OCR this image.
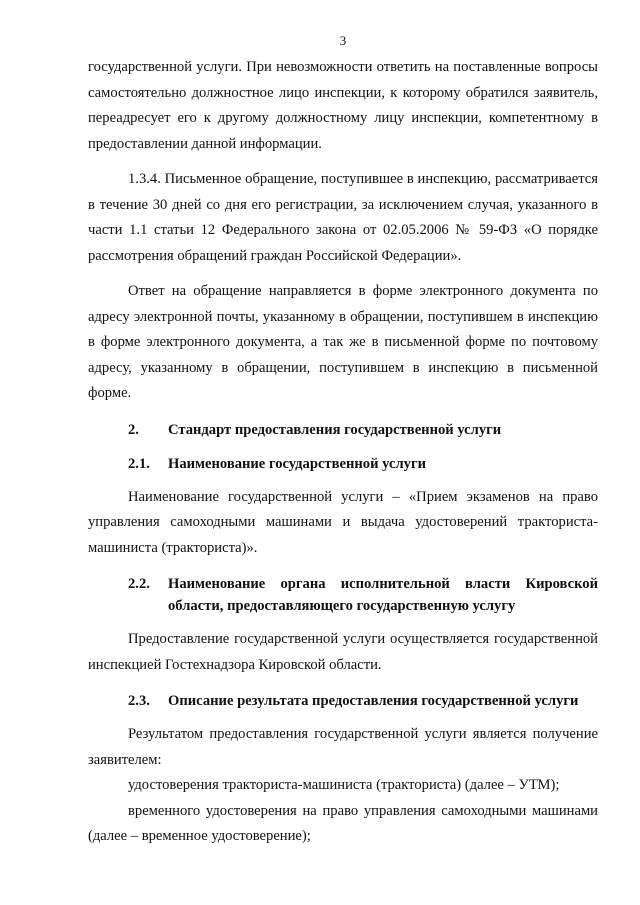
3

государственной услуги. При невозможности ответить на поставленные вопросы самостоятельно должностное лицо инспекции, к которому обратился заявитель, переадресует его к другому должностному лицу инспекции, компетентному в предоставлении данной информации.

1.3.4. Письменное обращение, поступившее в инспекцию, рассматривается в течение 30 дней со дня его регистрации, за исключением случая, указанного в части 1.1 статьи 12 Федерального закона от 02.05.2006 № 59-ФЗ «О порядке рассмотрения обращений граждан Российской Федерации».

Ответ на обращение направляется в форме электронного документа по адресу электронной почты, указанному в обращении, поступившем в инспекцию в форме электронного документа, а так же в письменной форме по почтовому адресу, указанному в обращении, поступившем в инспекцию в письменной форме.

2.	Стандарт предоставления государственной услуги
2.1.	Наименование государственной услуги

Наименование государственной услуги – «Прием экзаменов на право управления самоходными машинами и выдача удостоверений тракториста-машиниста (тракториста)».

2.2.	Наименование органа исполнительной власти Кировской области, предоставляющего государственную услугу

Предоставление государственной услуги осуществляется государственной инспекцией Гостехнадзора Кировской области.

2.3.	Описание результата предоставления государственной услуги

Результатом предоставления государственной услуги является получение заявителем:

удостоверения тракториста-машиниста (тракториста) (далее – УТМ);

временного удостоверения на право управления самоходными машинами (далее – временное удостоверение);
